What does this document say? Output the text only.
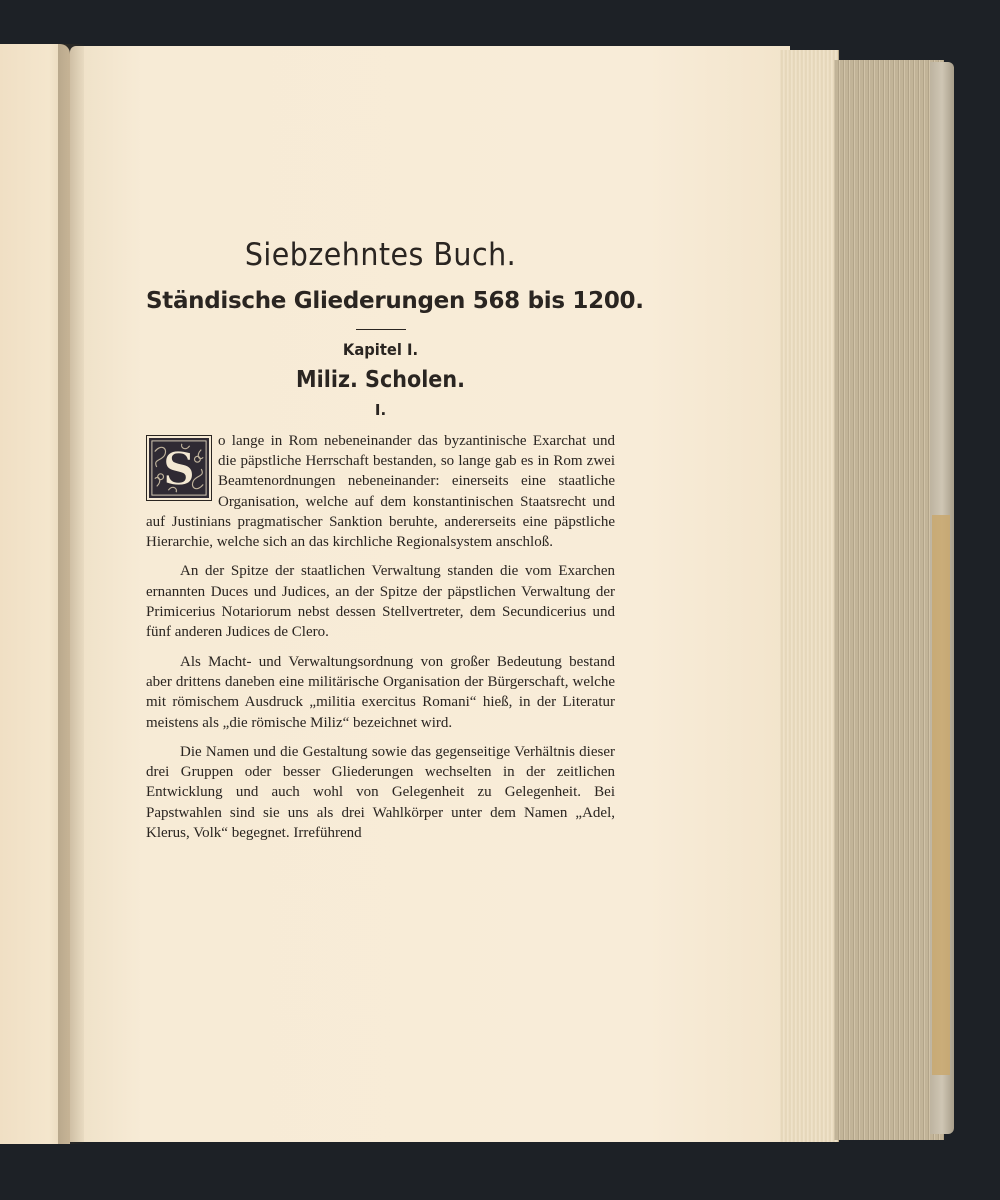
Siebzehntes Buch.
Ständische Gliederungen 568 bis 1200.
Kapitel I.
Miliz. Scholen.
I.

S
o lange in Rom nebeneinander das byzantinische Exarchat und die päpstliche Herrschaft bestanden, so lange gab es in Rom zwei Beamtenordnungen nebeneinander: einerseits eine staatliche Organisation, welche auf dem konstantinischen Staatsrecht und auf Justinians pragmatischer Sanktion beruhte, andererseits eine päpstliche Hierarchie, welche sich an das kirchliche Regionalsystem anschloß.

An der Spitze der staatlichen Verwaltung standen die vom Exarchen ernannten Duces und Judices, an der Spitze der päpstlichen Verwaltung der Primicerius Notariorum nebst dessen Stellvertreter, dem Secundicerius und fünf anderen Judices de Clero.

Als Macht- und Verwaltungsordnung von großer Bedeutung bestand aber drittens daneben eine militärische Organisation der Bürgerschaft, welche mit römischem Ausdruck „militia exercitus Romani“ hieß, in der Literatur meistens als „die römische Miliz“ bezeichnet wird.

Die Namen und die Gestaltung sowie das gegenseitige Verhältnis dieser drei Gruppen oder besser Gliederungen wechselten in der zeitlichen Entwicklung und auch wohl von Gelegenheit zu Gelegenheit. Bei Papstwahlen sind sie uns als drei Wahlkörper unter dem Namen „Adel, Klerus, Volk“ begegnet. Irreführend
